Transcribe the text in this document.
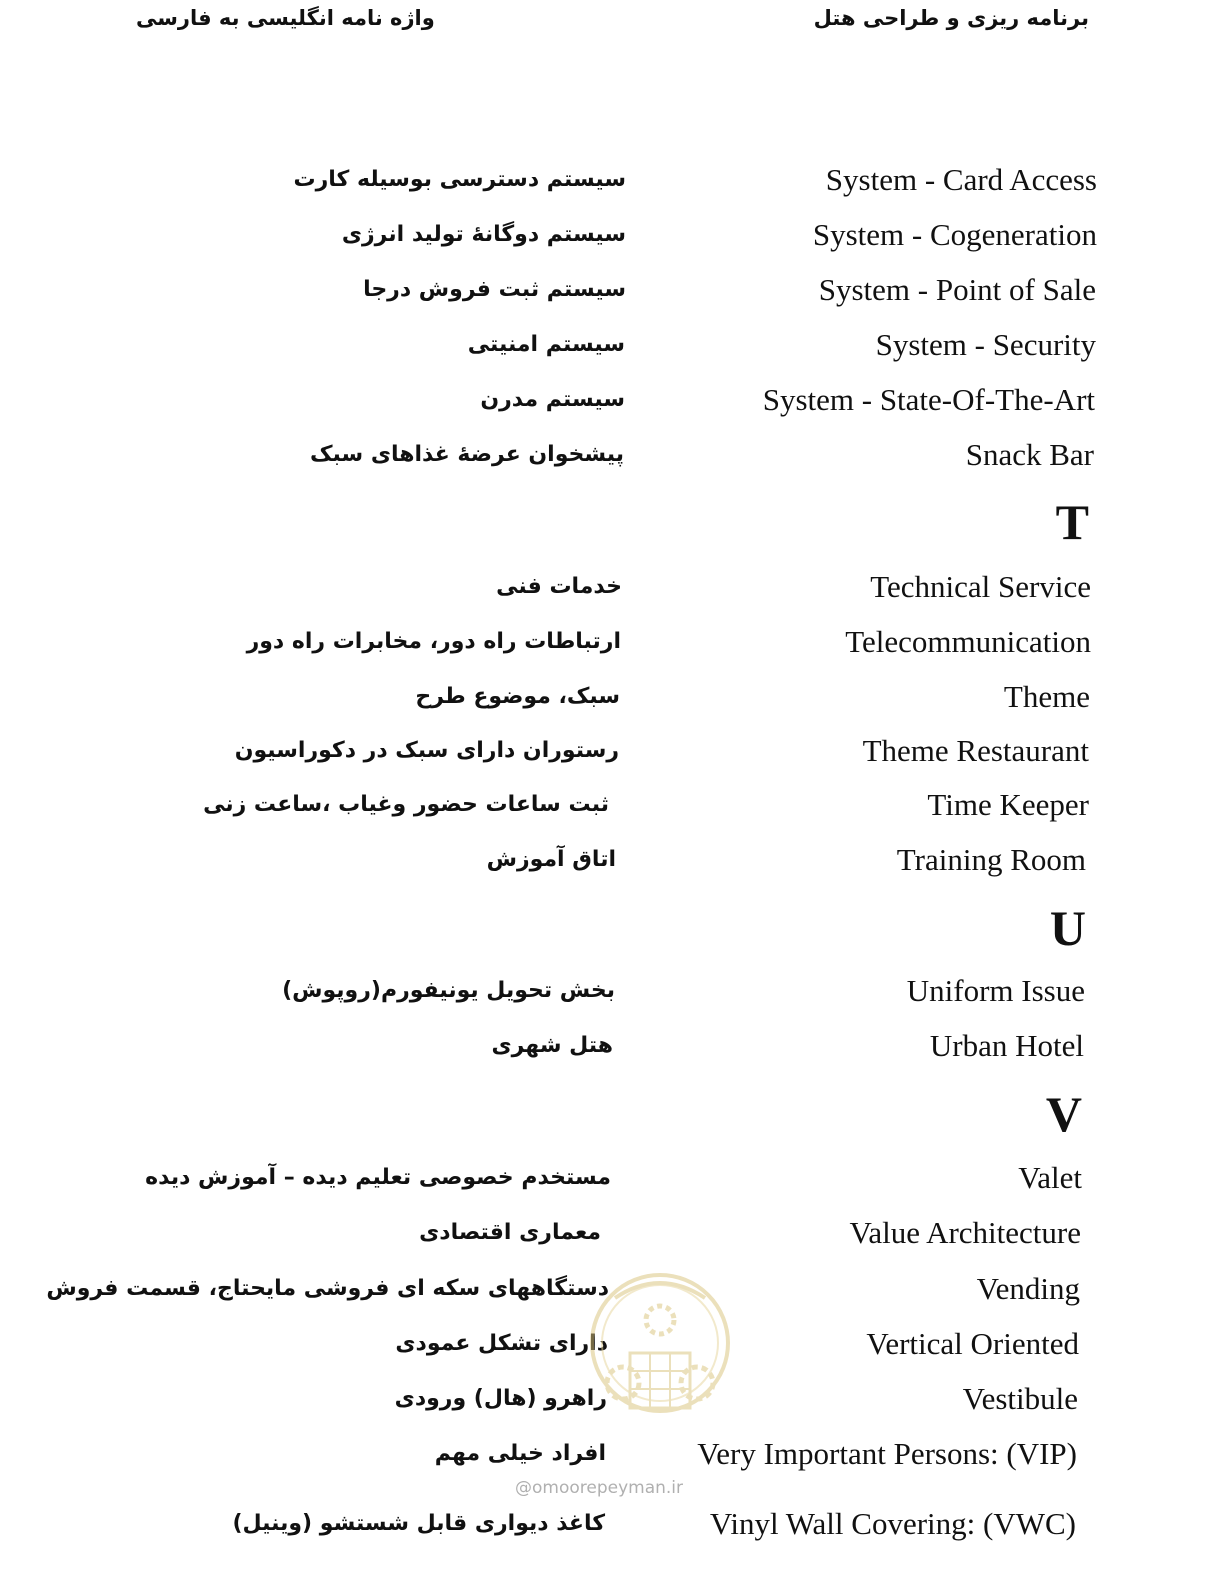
برنامه ریزی و طراحی هتل
واژه نامه انگلیسی به فارسی
System - Card Access
سیستم دسترسی بوسیله کارت
System - Cogeneration
سیستم دوگانهٔ تولید انرژی
System - Point of Sale
سیستم ثبت فروش درجا
System - Security
سیستم امنیتی
System - State-Of-The-Art
سیستم مدرن
Snack Bar
پیشخوان عرضهٔ غذاهای سبک
T
Technical Service
خدمات فنی
Telecommunication
ارتباطات راه دور، مخابرات راه دور
Theme
سبک، موضوع طرح
Theme Restaurant
رستوران دارای سبک در دکوراسیون
Time Keeper
ثبت ساعات حضور وغیاب ،ساعت زنی
Training Room
اتاق آموزش
U
Uniform Issue
بخش تحویل یونیفورم(روپوش)
Urban Hotel
هتل شهری
V
Valet
مستخدم خصوصی تعلیم دیده – آموزش دیده
Value Architecture
معماری اقتصادی
Vending
دستگاههای سکه ای فروشی مایحتاج، قسمت فروش
Vertical Oriented
دارای تشکل عمودی
Vestibule
راهرو (هال) ورودی
Very Important Persons: (VIP)
افراد خیلی مهم
Vinyl Wall Covering: (VWC)
کاغذ دیواری قابل شستشو (وینیل)
@omoorepeyman.ir
